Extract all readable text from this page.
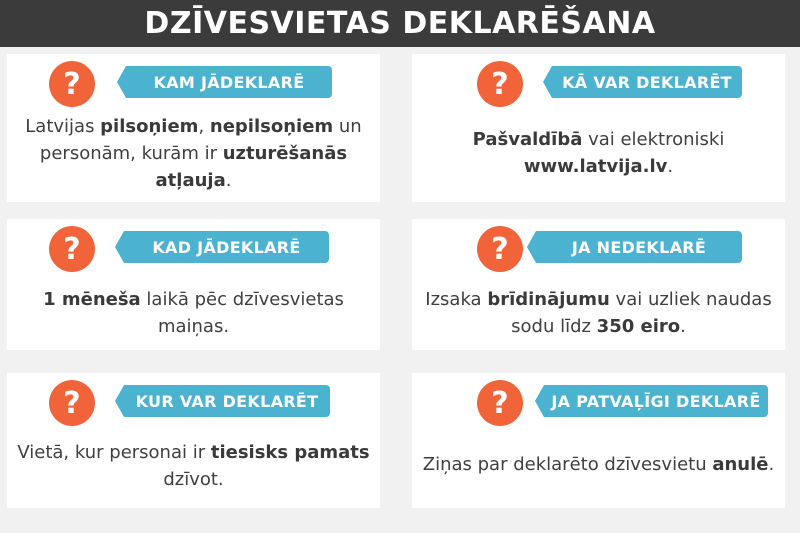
DZĪVESVIETAS DEKLARĒŠANA
?	KAM JĀDEKLARĒ
Latvijas pilsoņiem, nepilsoņiem un personām, kurām ir uzturēšanās atļauja.
?	KĀ VAR DEKLARĒT
Pašvaldībā vai elektroniski www.latvija.lv.
?	KAD JĀDEKLARĒ
1 mēneša laikā pēc dzīvesvietas maiņas.
?	JA NEDEKLARĒ
Izsaka brīdinājumu vai uzliek naudas sodu līdz 350 eiro.
?	KUR VAR DEKLARĒT
Vietā, kur personai ir tiesisks pamats dzīvot.
?	JA PATVAĻĪGI DEKLARĒ
Ziņas par deklarēto dzīvesvietu anulē.
